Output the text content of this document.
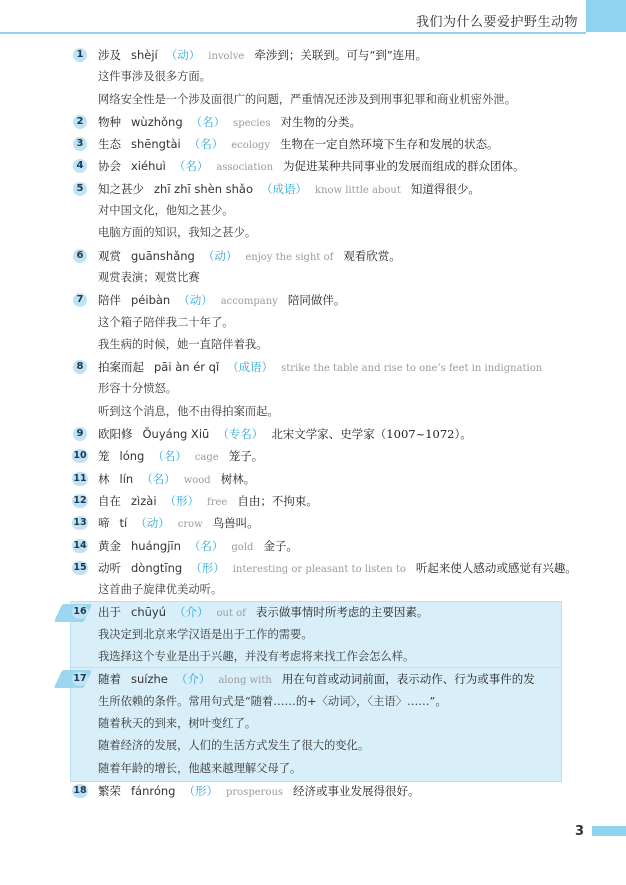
我们为什么要爱护野生动物
1	涉及 shèjí （动） involve 牵涉到；关联到。可与“到”连用。
这件事涉及很多方面。
网络安全性是一个涉及面很广的问题，严重情况还涉及到刑事犯罪和商业机密外泄。
2	物种 wùzhǒng （名） species 对生物的分类。
3	生态 shēngtài （名） ecology 生物在一定自然环境下生存和发展的状态。
4	协会 xiéhuì （名） association 为促进某种共同事业的发展而组成的群众团体。
5	知之甚少 zhī zhī shèn shǎo （成语） know little about 知道得很少。
对中国文化，他知之甚少。
电脑方面的知识，我知之甚少。
6	观赏 guānshǎng （动） enjoy the sight of 观看欣赏。
观赏表演；观赏比赛
7	陪伴 péibàn （动） accompany 陪同做伴。
这个箱子陪伴我二十年了。
我生病的时候，她一直陪伴着我。
8	拍案而起 pāi àn ér qǐ （成语） strike the table and rise to one’s feet in indignation
形容十分愤怒。
听到这个消息，他不由得拍案而起。
9	欧阳修 Ōuyáng Xiū （专名） 北宋文学家、史学家（1007~1072）。
10 笼 lóng （名） cage 笼子。
11 林 lín （名） wood 树林。
12 自在 zìzài （形） free 自由；不拘束。
13 啼 tí （动） crow 鸟兽叫。
14 黄金 huángjīn （名） gold 金子。
15 动听 dòngtīng （形） interesting or pleasant to listen to 听起来使人感动或感觉有兴趣。
这首曲子旋律优美动听。
16 出于 chūyú （介） out of 表示做事情时所考虑的主要因素。
我决定到北京来学汉语是出于工作的需要。
我选择这个专业是出于兴趣，并没有考虑将来找工作会怎么样。
17 随着 suízhe （介） along with 用在句首或动词前面，表示动作、行为或事件的发
生所依赖的条件。常用句式是“随着……的+〈动词〉，〈主语〉……”。
随着秋天的到来，树叶变红了。
随着经济的发展，人们的生活方式发生了很大的变化。
随着年龄的增长，他越来越理解父母了。
18 繁荣 fánróng （形） prosperous 经济或事业发展得很好。
3
